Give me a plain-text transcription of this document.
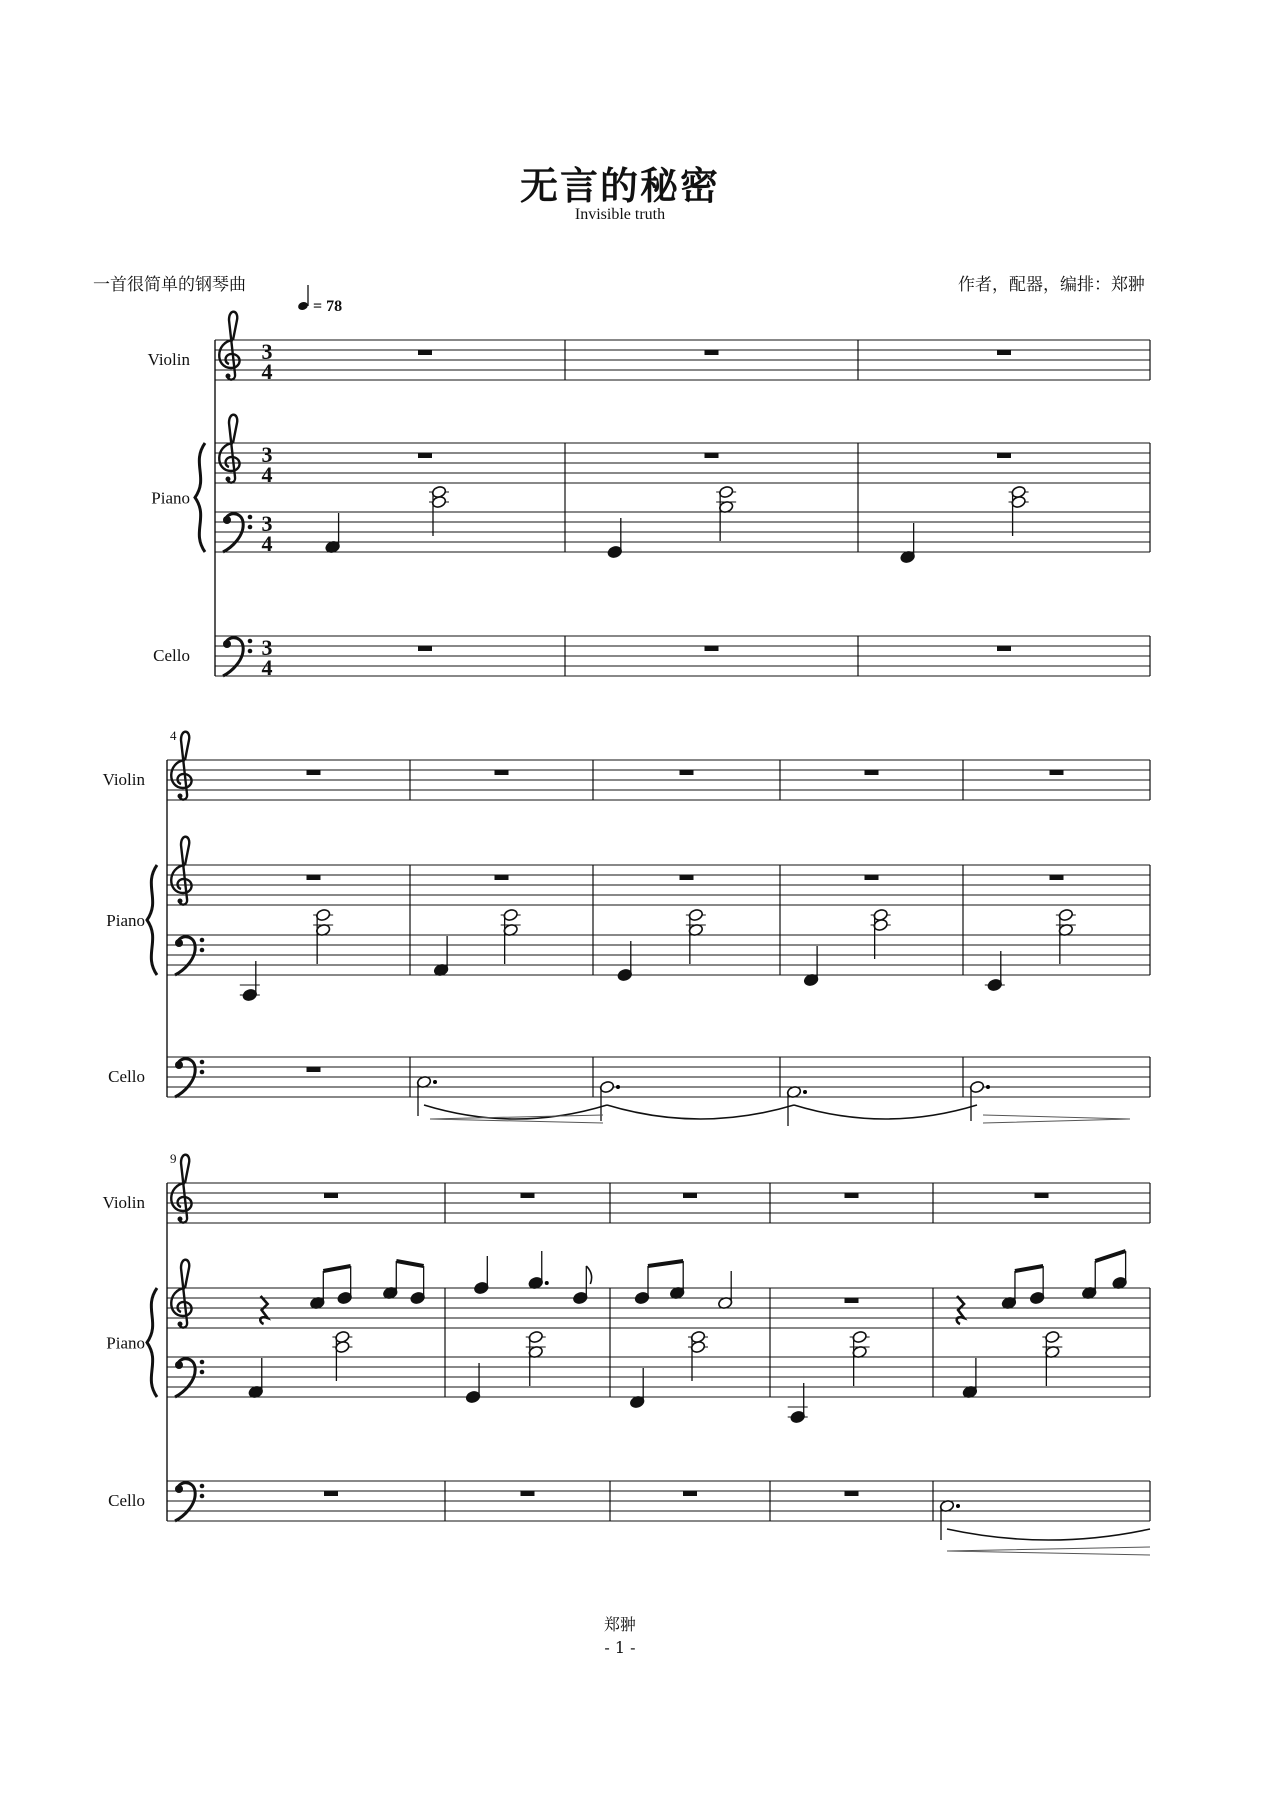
无言的秘密
Invisible truth
一首很简单的钢琴曲	作者，配器，编排：郑翀
= 78
Violin
Piano
Cello
3
4
3
4
3
4
3
4
Violin
Piano
Cello
4
Violin
Piano
Cello
9
郑翀
- 1 -
